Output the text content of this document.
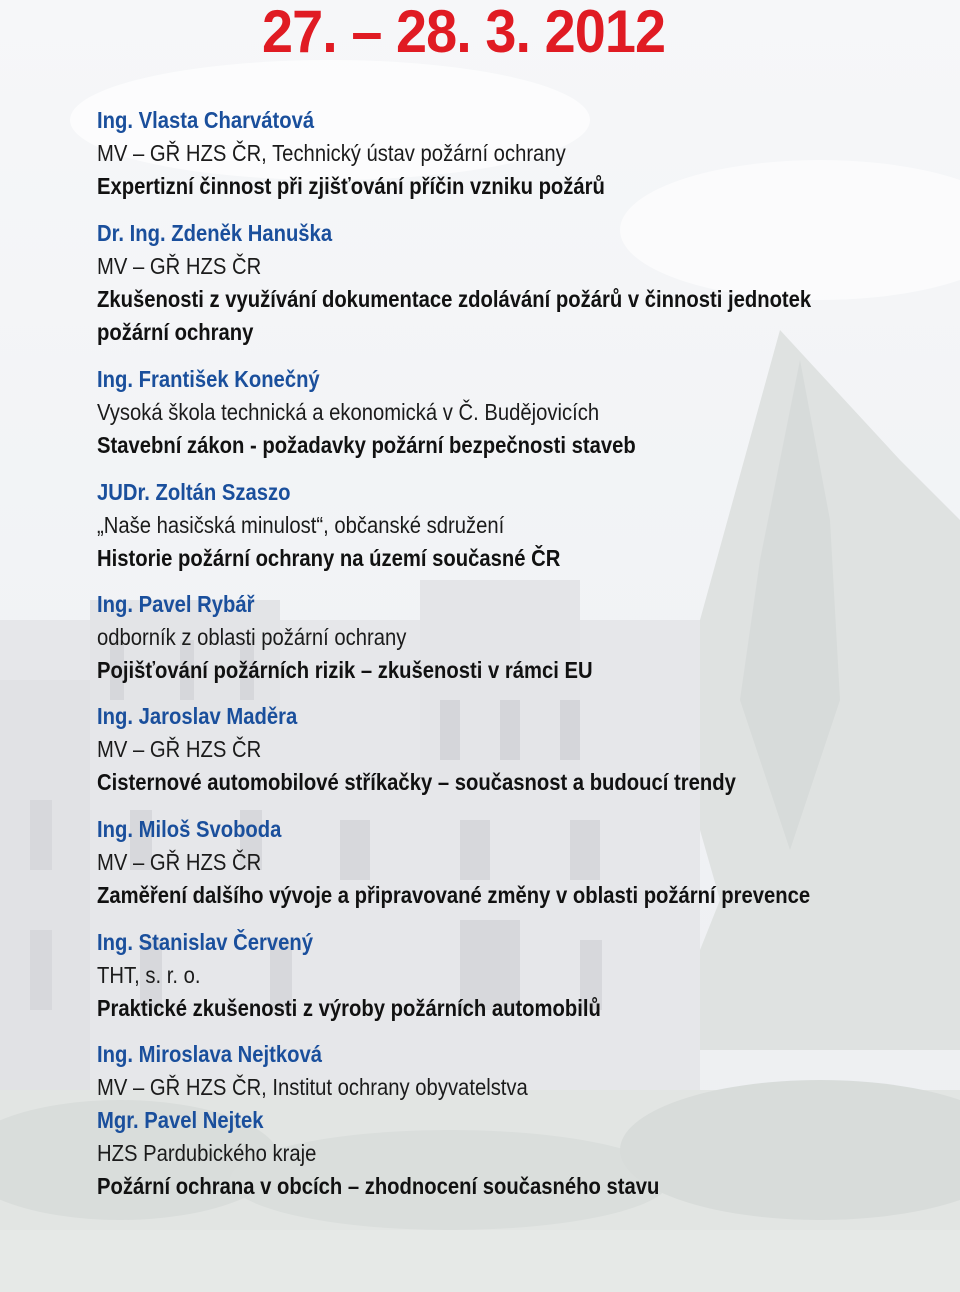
27. – 28. 3. 2012
Ing. Vlasta Charvátová
MV – GŘ HZS ČR, Technický ústav požární ochrany
Expertizní činnost při zjišťování příčin vzniku požárů
Dr. Ing. Zdeněk Hanuška
MV – GŘ HZS ČR
Zkušenosti z využívání dokumentace zdolávání požárů v činnosti jednotek
požární ochrany
Ing. František Konečný
Vysoká škola technická a ekonomická v Č. Budějovicích
Stavební zákon - požadavky požární bezpečnosti staveb
JUDr. Zoltán Szaszo
„Naše hasičská minulost“, občanské sdružení
Historie požární ochrany na území současné ČR
Ing. Pavel Rybář
odborník z oblasti požární ochrany
Pojišťování požárních rizik – zkušenosti v rámci EU
Ing. Jaroslav Maděra
MV – GŘ HZS ČR
Cisternové automobilové stříkačky – současnost a budoucí trendy
Ing. Miloš Svoboda
MV – GŘ HZS ČR
Zaměření dalšího vývoje a připravované změny v oblasti požární prevence
Ing. Stanislav Červený
THT, s. r. o.
Praktické zkušenosti z výroby požárních automobilů
Ing. Miroslava Nejtková
MV – GŘ HZS ČR, Institut ochrany obyvatelstva
Mgr. Pavel Nejtek
HZS Pardubického kraje
Požární ochrana v obcích – zhodnocení současného stavu
